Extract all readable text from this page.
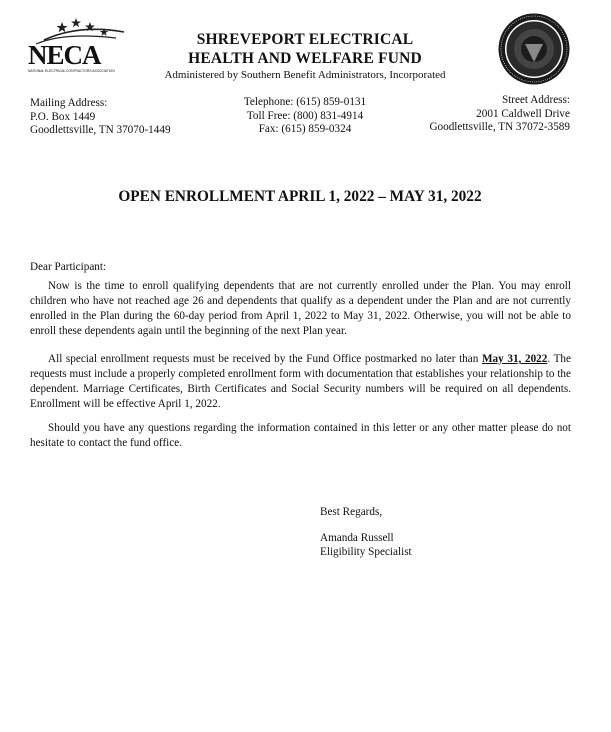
NECA
NATIONAL ELECTRICAL CONTRACTORS ASSOCIATION
SHREVEPORT ELECTRICAL
HEALTH AND WELFARE FUND
Administered by Southern Benefit Administrators, Incorporated
Mailing Address:
P.O. Box 1449
Goodlettsville, TN 37070-1449
Telephone: (615) 859-0131
Toll Free: (800) 831-4914
Fax: (615) 859-0324
Street Address:
2001 Caldwell Drive
Goodlettsville, TN 37072-3589
OPEN ENROLLMENT APRIL 1, 2022 – MAY 31, 2022
Dear Participant:

Now is the time to enroll qualifying dependents that are not currently enrolled under the Plan. You may enroll children who have not reached age 26 and dependents that qualify as a dependent under the Plan and are not currently enrolled in the Plan during the 60-day period from April 1, 2022 to May 31, 2022. Otherwise, you will not be able to enroll these dependents again until the beginning of the next Plan year.

All special enrollment requests must be received by the Fund Office postmarked no later than May 31, 2022. The requests must include a properly completed enrollment form with documentation that establishes your relationship to the dependent. Marriage Certificates, Birth Certificates and Social Security numbers will be required on all dependents. Enrollment will be effective April 1, 2022.

Should you have any questions regarding the information contained in this letter or any other matter please do not hesitate to contact the fund office.

Best Regards,
Amanda Russell
Eligibility Specialist
